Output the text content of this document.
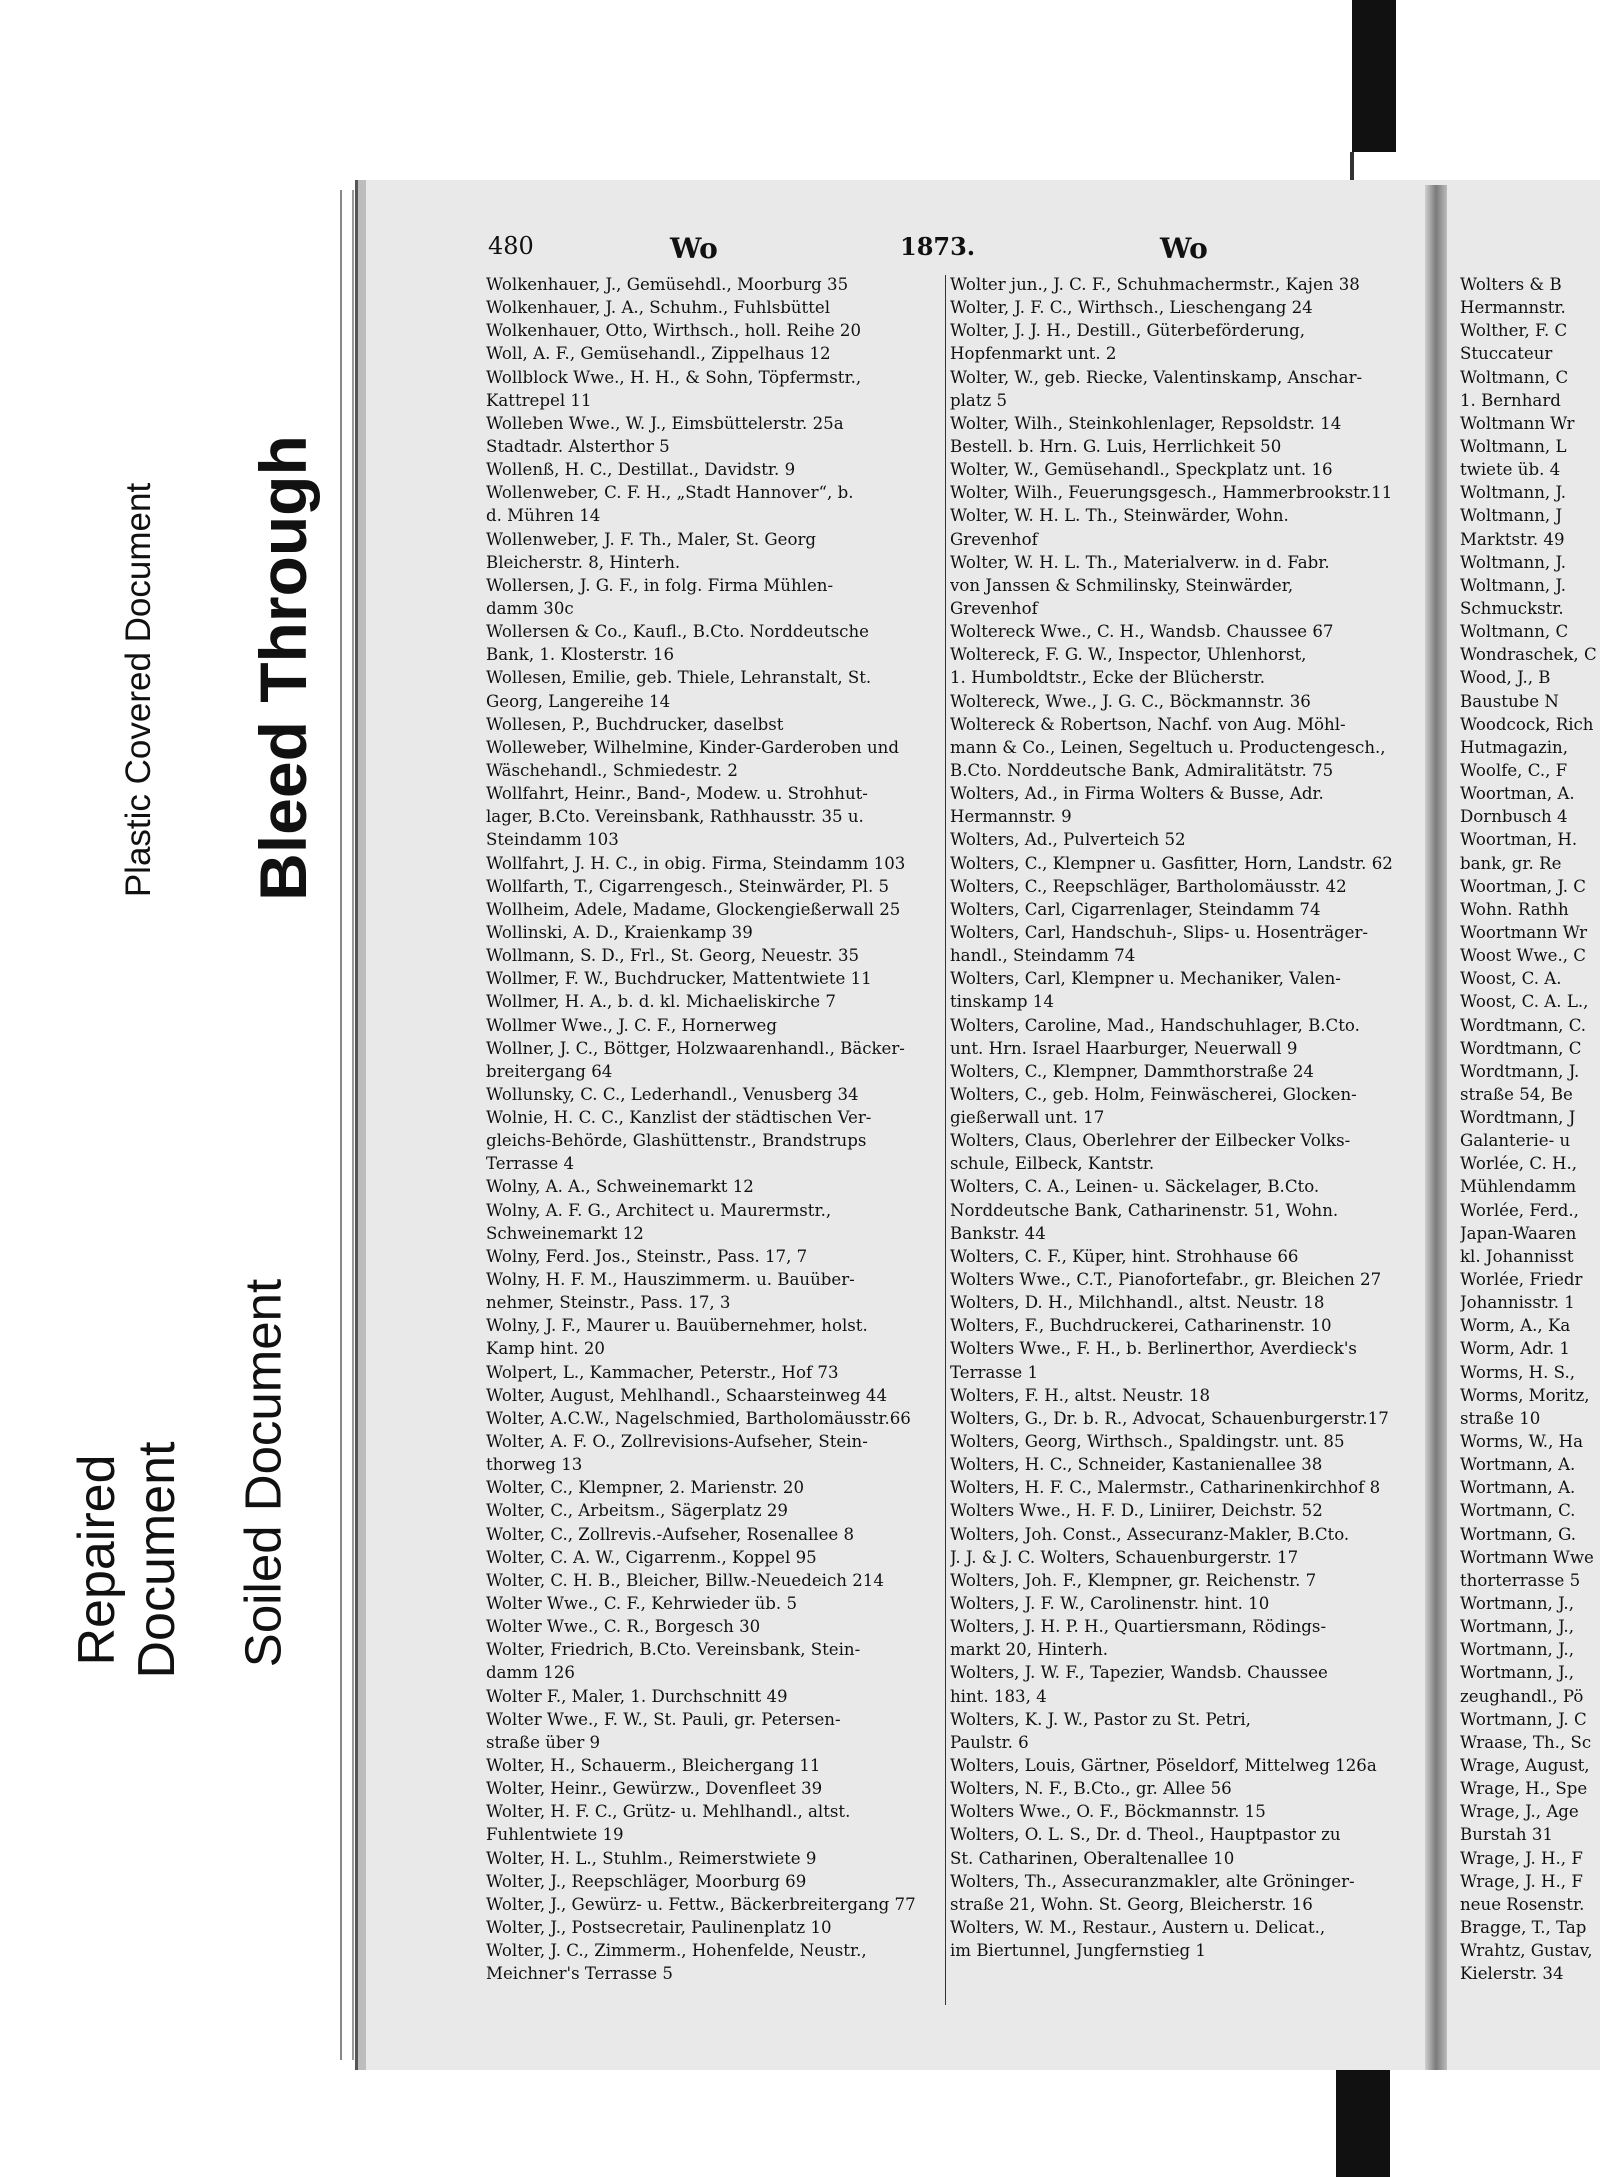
Plastic Covered Document Bleed Through
Soiled Document
Repaired Document
480	Wo	1873.	Wo
Wolkenhauer, J., Gemüsehdl., Moorburg 35
Wolkenhauer, J. A., Schuhm., Fuhlsbüttel
Wolkenhauer, Otto, Wirthsch., holl. Reihe 20
Woll, A. F., Gemüsehandl., Zippelhaus 12
Wollblock Wwe., H. H., & Sohn, Töpfermstr.,
Kattrepel 11
Wolleben Wwe., W. J., Eimsbüttelerstr. 25a
Stadtadr. Alsterthor 5
Wollenß, H. C., Destillat., Davidstr. 9
Wollenweber, C. F. H., „Stadt Hannover“, b.
d. Mühren 14
Wollenweber, J. F. Th., Maler, St. Georg
Bleicherstr. 8, Hinterh.
Wollersen, J. G. F., in folg. Firma Mühlen-
damm 30c
Wollersen & Co., Kaufl., B.Cto. Norddeutsche
Bank, 1. Klosterstr. 16
Wollesen, Emilie, geb. Thiele, Lehranstalt, St.
Georg, Langereihe 14
Wollesen, P., Buchdrucker, daselbst
Wolleweber, Wilhelmine, Kinder-Garderoben und
Wäschehandl., Schmiedestr. 2
Wollfahrt, Heinr., Band-, Modew. u. Strohhut-
lager, B.Cto. Vereinsbank, Rathhausstr. 35 u.
Steindamm 103
Wollfahrt, J. H. C., in obig. Firma, Steindamm 103
Wollfarth, T., Cigarrengesch., Steinwärder, Pl. 5
Wollheim, Adele, Madame, Glockengießerwall 25
Wollinski, A. D., Kraienkamp 39
Wollmann, S. D., Frl., St. Georg, Neuestr. 35
Wollmer, F. W., Buchdrucker, Mattentwiete 11
Wollmer, H. A., b. d. kl. Michaeliskirche 7
Wollmer Wwe., J. C. F., Hornerweg
Wollner, J. C., Böttger, Holzwaarenhandl., Bäcker-
breitergang 64
Wollunsky, C. C., Lederhandl., Venusberg 34
Wolnie, H. C. C., Kanzlist der städtischen Ver-
gleichs-Behörde, Glashüttenstr., Brandstrups
Terrasse 4
Wolny, A. A., Schweinemarkt 12
Wolny, A. F. G., Architect u. Maurermstr.,
Schweinemarkt 12
Wolny, Ferd. Jos., Steinstr., Pass. 17, 7
Wolny, H. F. M., Hauszimmerm. u. Bauüber-
nehmer, Steinstr., Pass. 17, 3
Wolny, J. F., Maurer u. Bauübernehmer, holst.
Kamp hint. 20
Wolpert, L., Kammacher, Peterstr., Hof 73
Wolter, August, Mehlhandl., Schaarsteinweg 44
Wolter, A.C.W., Nagelschmied, Bartholomäusstr.66
Wolter, A. F. O., Zollrevisions-Aufseher, Stein-
thorweg 13
Wolter, C., Klempner, 2. Marienstr. 20
Wolter, C., Arbeitsm., Sägerplatz 29
Wolter, C., Zollrevis.-Aufseher, Rosenallee 8
Wolter, C. A. W., Cigarrenm., Koppel 95
Wolter, C. H. B., Bleicher, Billw.-Neuedeich 214
Wolter Wwe., C. F., Kehrwieder üb. 5
Wolter Wwe., C. R., Borgesch 30
Wolter, Friedrich, B.Cto. Vereinsbank, Stein-
damm 126
Wolter F., Maler, 1. Durchschnitt 49
Wolter Wwe., F. W., St. Pauli, gr. Petersen-
straße über 9
Wolter, H., Schauerm., Bleichergang 11
Wolter, Heinr., Gewürzw., Dovenfleet 39
Wolter, H. F. C., Grütz- u. Mehlhandl., altst.
Fuhlentwiete 19
Wolter, H. L., Stuhlm., Reimerstwiete 9
Wolter, J., Reepschläger, Moorburg 69
Wolter, J., Gewürz- u. Fettw., Bäckerbreitergang 77
Wolter, J., Postsecretair, Paulinenplatz 10
Wolter, J. C., Zimmerm., Hohenfelde, Neustr.,
Meichner's Terrasse 5
Wolter jun., J. C. F., Schuhmachermstr., Kajen 38
Wolter, J. F. C., Wirthsch., Lieschengang 24
Wolter, J. J. H., Destill., Güterbeförderung,
Hopfenmarkt unt. 2
Wolter, W., geb. Riecke, Valentinskamp, Anschar-
platz 5
Wolter, Wilh., Steinkohlenlager, Repsoldstr. 14
Bestell. b. Hrn. G. Luis, Herrlichkeit 50
Wolter, W., Gemüsehandl., Speckplatz unt. 16
Wolter, Wilh., Feuerungsgesch., Hammerbrookstr.11
Wolter, W. H. L. Th., Steinwärder, Wohn.
Grevenhof
Wolter, W. H. L. Th., Materialverw. in d. Fabr.
von Janssen & Schmilinsky, Steinwärder,
Grevenhof
Woltereck Wwe., C. H., Wandsb. Chaussee 67
Woltereck, F. G. W., Inspector, Uhlenhorst,
1. Humboldtstr., Ecke der Blücherstr.
Woltereck, Wwe., J. G. C., Böckmannstr. 36
Woltereck & Robertson, Nachf. von Aug. Möhl-
mann & Co., Leinen, Segeltuch u. Productengesch.,
B.Cto. Norddeutsche Bank, Admiralitätstr. 75
Wolters, Ad., in Firma Wolters & Busse, Adr.
Hermannstr. 9
Wolters, Ad., Pulverteich 52
Wolters, C., Klempner u. Gasfitter, Horn, Landstr. 62
Wolters, C., Reepschläger, Bartholomäusstr. 42
Wolters, Carl, Cigarrenlager, Steindamm 74
Wolters, Carl, Handschuh-, Slips- u. Hosenträger-
handl., Steindamm 74
Wolters, Carl, Klempner u. Mechaniker, Valen-
tinskamp 14
Wolters, Caroline, Mad., Handschuhlager, B.Cto.
unt. Hrn. Israel Haarburger, Neuerwall 9
Wolters, C., Klempner, Dammthorstraße 24
Wolters, C., geb. Holm, Feinwäscherei, Glocken-
gießerwall unt. 17
Wolters, Claus, Oberlehrer der Eilbecker Volks-
schule, Eilbeck, Kantstr.
Wolters, C. A., Leinen- u. Säckelager, B.Cto.
Norddeutsche Bank, Catharinenstr. 51, Wohn.
Bankstr. 44
Wolters, C. F., Küper, hint. Strohhause 66
Wolters Wwe., C.T., Pianofortefabr., gr. Bleichen 27
Wolters, D. H., Milchhandl., altst. Neustr. 18
Wolters, F., Buchdruckerei, Catharinenstr. 10
Wolters Wwe., F. H., b. Berlinerthor, Averdieck's
Terrasse 1
Wolters, F. H., altst. Neustr. 18
Wolters, G., Dr. b. R., Advocat, Schauenburgerstr.17
Wolters, Georg, Wirthsch., Spaldingstr. unt. 85
Wolters, H. C., Schneider, Kastanienallee 38
Wolters, H. F. C., Malermstr., Catharinenkirchhof 8
Wolters Wwe., H. F. D., Liniirer, Deichstr. 52
Wolters, Joh. Const., Assecuranz-Makler, B.Cto.
J. J. & J. C. Wolters, Schauenburgerstr. 17
Wolters, Joh. F., Klempner, gr. Reichenstr. 7
Wolters, J. F. W., Carolinenstr. hint. 10
Wolters, J. H. P. H., Quartiersmann, Rödings-
markt 20, Hinterh.
Wolters, J. W. F., Tapezier, Wandsb. Chaussee
hint. 183, 4
Wolters, K. J. W., Pastor zu St. Petri,
Paulstr. 6
Wolters, Louis, Gärtner, Pöseldorf, Mittelweg 126a
Wolters, N. F., B.Cto., gr. Allee 56
Wolters Wwe., O. F., Böckmannstr. 15
Wolters, O. L. S., Dr. d. Theol., Hauptpastor zu
St. Catharinen, Oberaltenallee 10
Wolters, Th., Assecuranzmakler, alte Gröninger-
straße 21, Wohn. St. Georg, Bleicherstr. 16
Wolters, W. M., Restaur., Austern u. Delicat.,
im Biertunnel, Jungfernstieg 1
Wolters & B
Hermannstr.
Wolther, F. C
Stuccateur
Woltmann, C
1. Bernhard
Woltmann Wr
Woltmann, L
twiete üb. 4
Woltmann, J.
Woltmann, J
Marktstr. 49
Woltmann, J.
Woltmann, J.
Schmuckstr.
Woltmann, C
Wondraschek, C
Wood, J., B
Baustube N
Woodcock, Rich
Hutmagazin,
Woolfe, C., F
Woortman, A.
Dornbusch 4
Woortman, H.
bank, gr. Re
Woortman, J. C
Wohn. Rathh
Woortmann Wr
Woost Wwe., C
Woost, C. A.
Woost, C. A. L.,
Wordtmann, C.
Wordtmann, C
Wordtmann, J.
straße 54, Be
Wordtmann, J
Galanterie- u
Worlée, C. H.,
Mühlendamm
Worlée, Ferd.,
Japan-Waaren
kl. Johannisst
Worlée, Friedr
Johannisstr. 1
Worm, A., Ka
Worm, Adr. 1
Worms, H. S.,
Worms, Moritz,
straße 10
Worms, W., Ha
Wortmann, A.
Wortmann, A.
Wortmann, C.
Wortmann, G.
Wortmann Wwe
thorterrasse 5
Wortmann, J.,
Wortmann, J.,
Wortmann, J.,
Wortmann, J.,
zeughandl., Pö
Wortmann, J. C
Wraase, Th., Sc
Wrage, August,
Wrage, H., Spe
Wrage, J., Age
Burstah 31
Wrage, J. H., F
Wrage, J. H., F
neue Rosenstr.
Bragge, T., Tap
Wrahtz, Gustav,
Kielerstr. 34
